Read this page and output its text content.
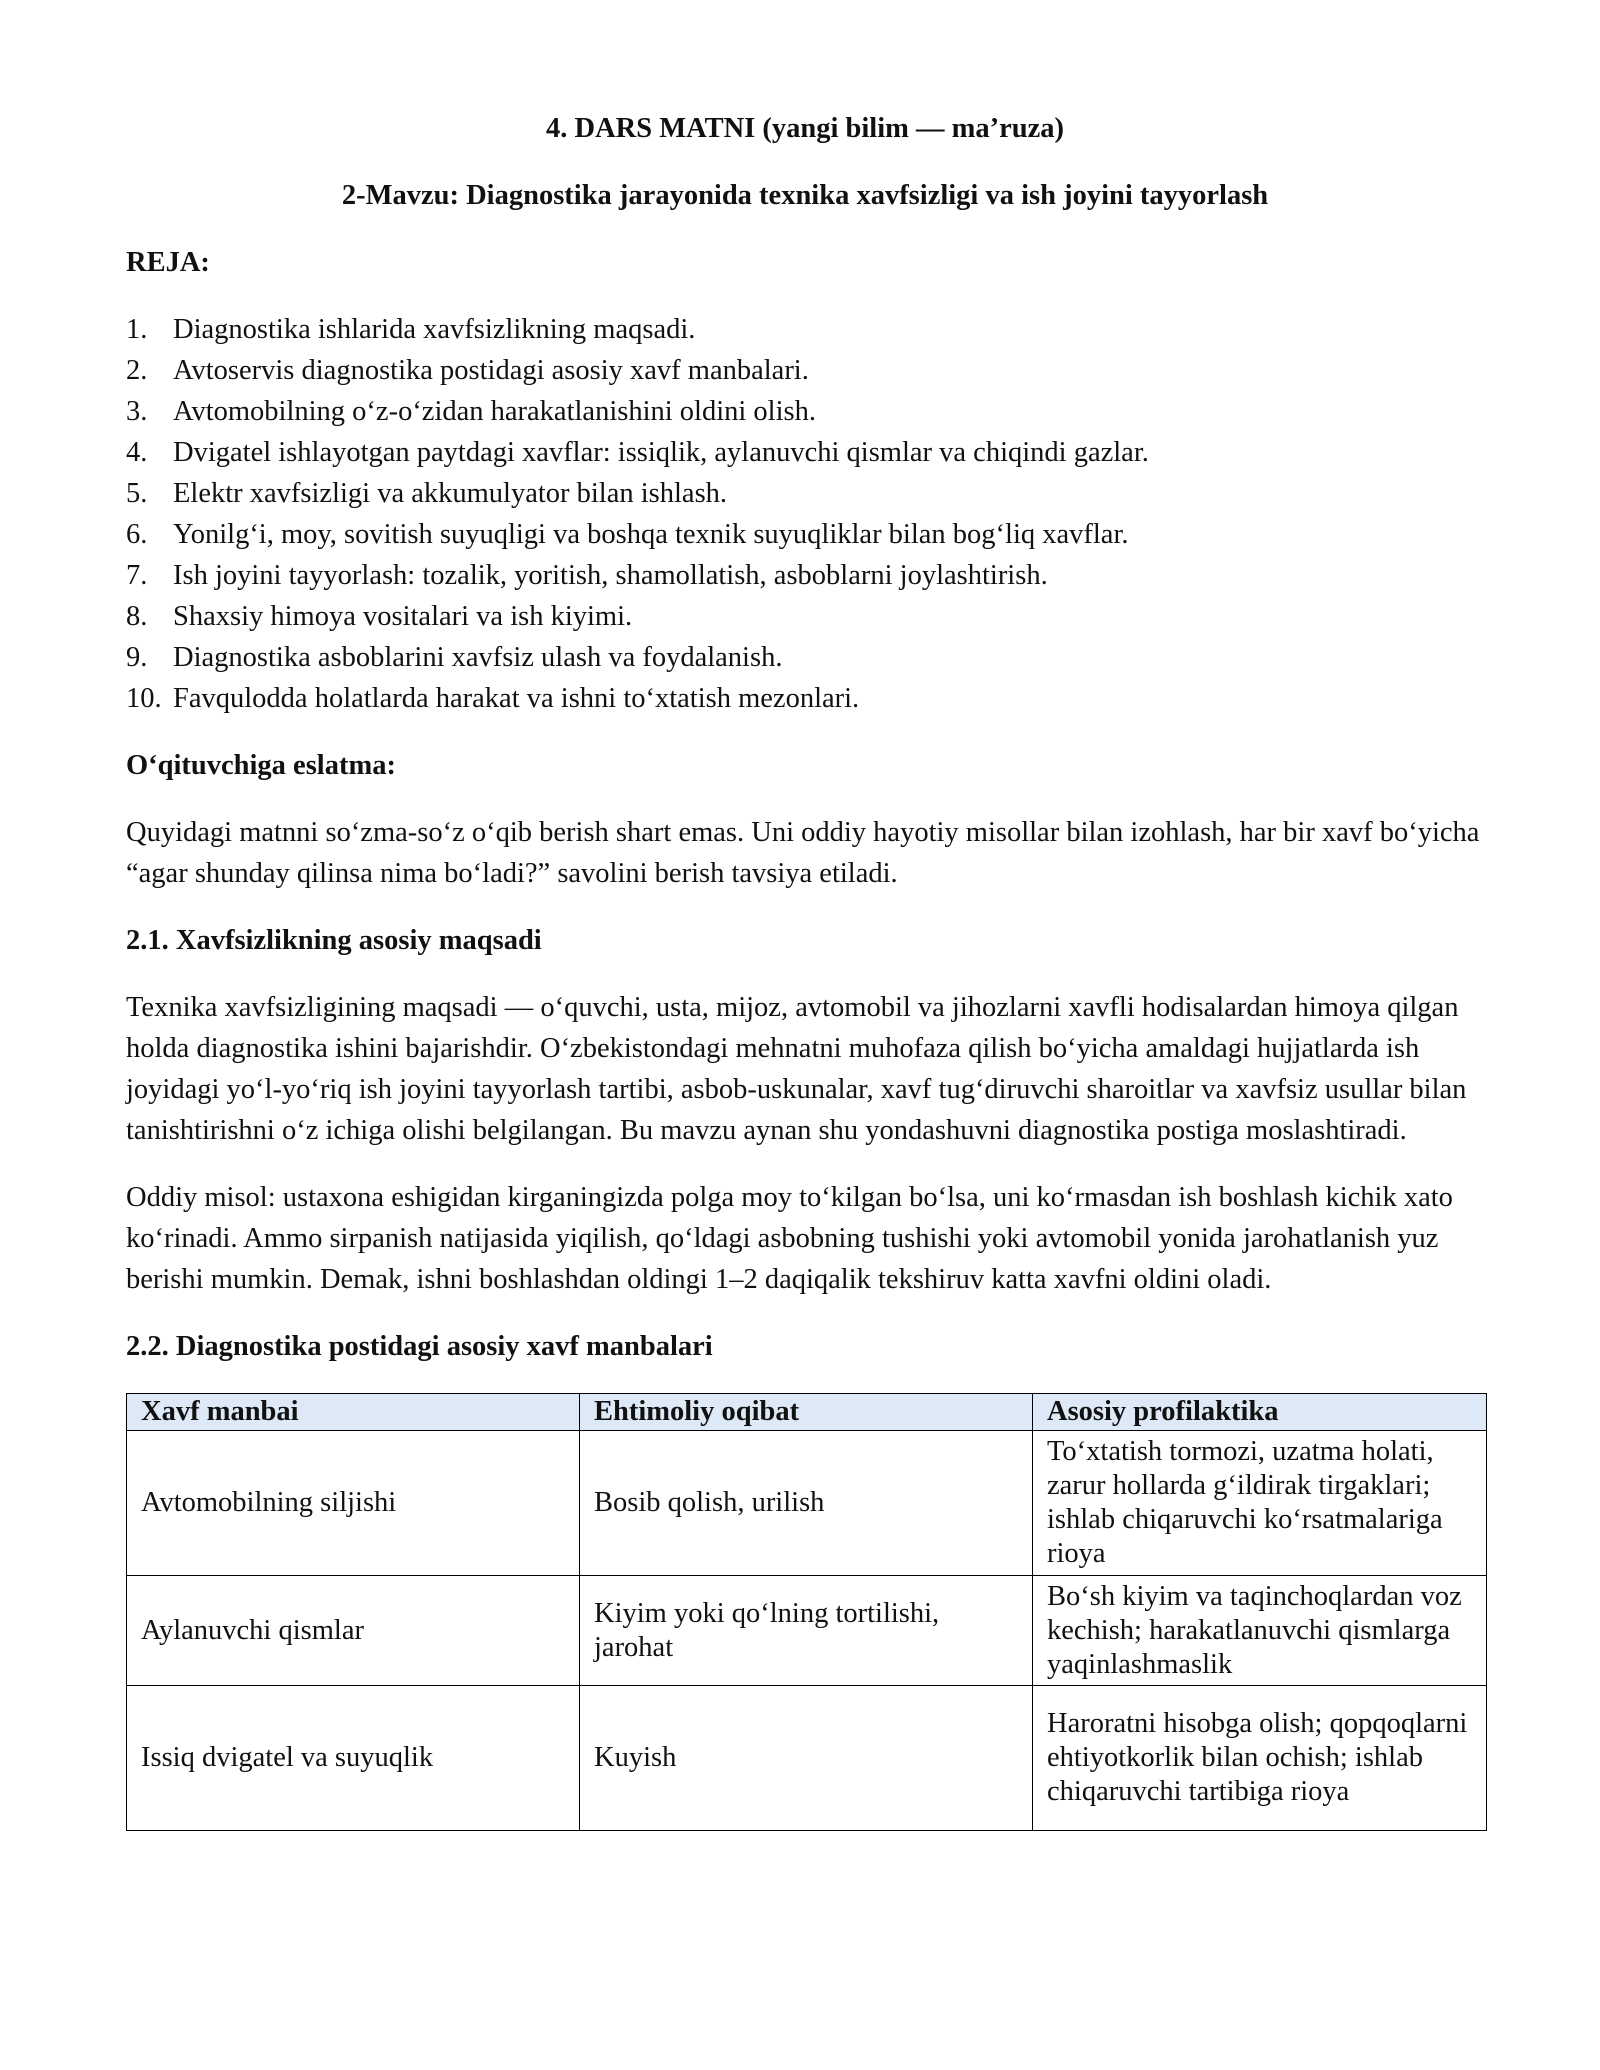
4. DARS MATNI (yangi bilim — ma’ruza)
2-Mavzu: Diagnostika jarayonida texnika xavfsizligi va ish joyini tayyorlash
REJA:
1. Diagnostika ishlarida xavfsizlikning maqsadi.
2. Avtoservis diagnostika postidagi asosiy xavf manbalari.
3. Avtomobilning oʻz-oʻzidan harakatlanishini oldini olish.
4. Dvigatel ishlayotgan paytdagi xavflar: issiqlik, aylanuvchi qismlar va chiqindi gazlar.
5. Elektr xavfsizligi va akkumulyator bilan ishlash.
6. Yonilgʻi, moy, sovitish suyuqligi va boshqa texnik suyuqliklar bilan bogʻliq xavflar.
7. Ish joyini tayyorlash: tozalik, yoritish, shamollatish, asboblarni joylashtirish.
8. Shaxsiy himoya vositalari va ish kiyimi.
9. Diagnostika asboblarini xavfsiz ulash va foydalanish.
10. Favqulodda holatlarda harakat va ishni toʻxtatish mezonlari.
Oʻqituvchiga eslatma:

Quyidagi matnni soʻzma-soʻz oʻqib berish shart emas. Uni oddiy hayotiy misollar bilan izohlash, har bir xavf boʻyicha “agar shunday qilinsa nima boʻladi?” savolini berish tavsiya etiladi.

2.1. Xavfsizlikning asosiy maqsadi

Texnika xavfsizligining maqsadi — oʻquvchi, usta, mijoz, avtomobil va jihozlarni xavfli hodisalardan himoya qilgan holda diagnostika ishini bajarishdir. Oʻzbekistondagi mehnatni muhofaza qilish boʻyicha amaldagi hujjatlarda ish joyidagi yoʻl-yoʻriq ish joyini tayyorlash tartibi, asbob-uskunalar, xavf tugʻdiruvchi sharoitlar va xavfsiz usullar bilan tanishtirishni oʻz ichiga olishi belgilangan. Bu mavzu aynan shu yondashuvni diagnostika postiga moslashtiradi.

Oddiy misol: ustaxona eshigidan kirganingizda polga moy toʻkilgan boʻlsa, uni koʻrmasdan ish boshlash kichik xato koʻrinadi. Ammo sirpanish natijasida yiqilish, qoʻldagi asbobning tushishi yoki avtomobil yonida jarohatlanish yuz berishi mumkin. Demak, ishni boshlashdan oldingi 1–2 daqiqalik tekshiruv katta xavfni oldini oladi.

2.2. Diagnostika postidagi asosiy xavf manbalari
Xavf manbai	Ehtimoliy oqibat	Asosiy profilaktika
Avtomobilning siljishi	Bosib qolish, urilish	Toʻxtatish tormozi, uzatma holati, zarur hollarda gʻildirak tirgaklari; ishlab chiqaruvchi koʻrsatmalariga rioya
Aylanuvchi qismlar	Kiyim yoki qoʻlning tortilishi, jarohat	Boʻsh kiyim va taqinchoqlardan voz kechish; harakatlanuvchi qismlarga yaqinlashmaslik
Issiq dvigatel va suyuqlik	Kuyish	Haroratni hisobga olish; qopqoqlarni ehtiyotkorlik bilan ochish; ishlab chiqaruvchi tartibiga rioya
